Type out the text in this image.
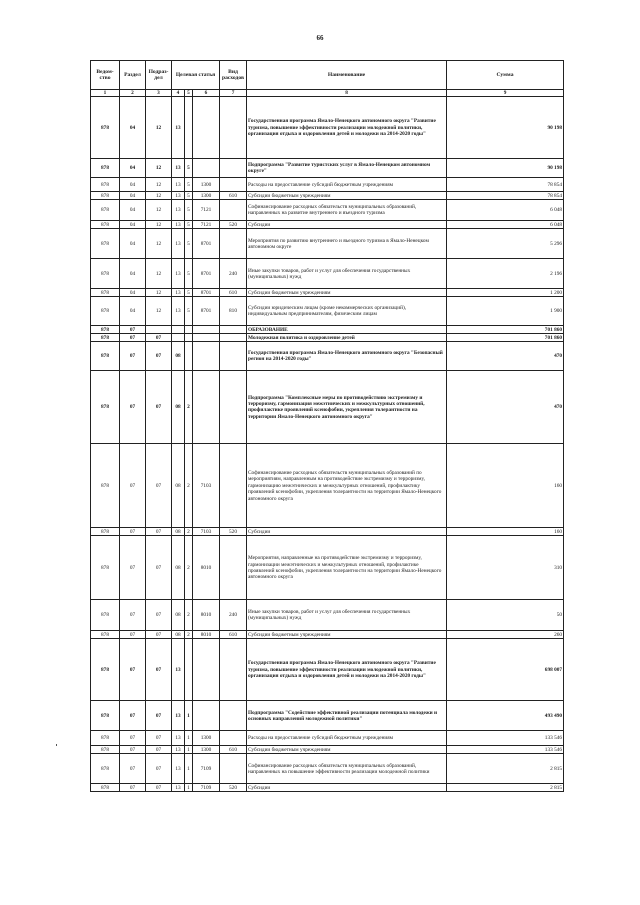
66
Ведом-ство	Раздел	Подраз-дел	Целевая статья			Вид расходов	Наименование	Сумма
1	2	3	4	5	6	7	8	9
878	04	12	13				Государственная программа Ямало-Ненецкого автономного округа "Развитие туризма, повышение эффективности реализации молодежной политики, организация отдыха и оздоровления детей и молодежи на 2014-2020 годы"	90 198
878	04	12	13	5			Подпрограмма "Развитие туристских услуг в Ямало-Ненецком автономном округе"	90 198
878	04	12	13	5	1300		Расходы на предоставление субсидий бюджетным учреждениям	78 854
878	04	12	13	5	1300	610	Субсидии бюджетным учреждениям	78 854
878	04	12	13	5	7121		Софинансирование расходных обязательств муниципальных образований, направленных на развитие внутреннего и въездного туризма	6 048
878	04	12	13	5	7121	520	Субсидии	6 048
878	04	12	13	5	8701		Мероприятия по развитию внутреннего и въездного туризма в Ямало-Ненецком автономном округе	5 296
878	04	12	13	5	8701	240	Иные закупки товаров, работ и услуг для обеспечения государственных (муниципальных) нужд	2 196
878	04	12	13	5	8701	610	Субсидии бюджетным учреждениям	1 200
878	04	12	13	5	8701	810	Субсидии юридическим лицам (кроме некоммерческих организаций), индивидуальным предпринимателям, физическим лицам	1 900
878	07						ОБРАЗОВАНИЕ	701 860
878	07	07					Молодежная политика и оздоровление детей	701 860
878	07	07	08				Государственная программа Ямало-Ненецкого автономного округа "Безопасный регион на 2014-2020 годы"	470
878	07	07	08	2			Подпрограмма "Комплексные меры по противодействию экстремизму и терроризму, гармонизация межэтнических и межкультурных отношений, профилактике проявлений ксенофобии, укрепления толерантности на территории Ямало-Ненецкого автономного округа"	470
878	07	07	08	2	7103		Софинансирование расходных обязательств муниципальных образований по мероприятиям, направленным на противодействие экстремизму и терроризму, гармонизацию межэтнических и межкультурных отношений, профилактику проявлений ксенофобии, укрепления толерантности на территории Ямало-Ненецкого автономного округа	160
878	07	07	08	2	7103	520	Субсидии	160
878	07	07	08	2	8010		Мероприятия, направленные на противодействие экстремизму и терроризму, гармонизации межэтнических и межкультурных отношений, профилактике проявлений ксенофобии, укрепления толерантности на территории Ямало-Ненецкого автономного округа	310
878	07	07	08	2	8010	240	Иные закупки товаров, работ и услуг для обеспечения государственных (муниципальных) нужд	50
878	07	07	08	2	8010	610	Субсидии бюджетным учреждениям	260
878	07	07	13				Государственная программа Ямало-Ненецкого автономного округа "Развитие туризма, повышение эффективности реализации молодежной политики, организация отдыха и оздоровления детей и молодежи на 2014-2020 годы"	698 007
878	07	07	13	1			Подпрограмма "Содействие эффективной реализации потенциала молодежи и основных направлений молодежной политики"	493 490
878	07	07	13	1	1300		Расходы на предоставление субсидий бюджетным учреждениям	133 546
878	07	07	13	1	1300	610	Субсидии бюджетным учреждениям	133 546
878	07	07	13	1	7109		Софинансирование расходных обязательств муниципальных образований, направленных на повышение эффективности реализации молодежной политики	2 815
878	07	07	13	1	7109	520	Субсидии	2 815
